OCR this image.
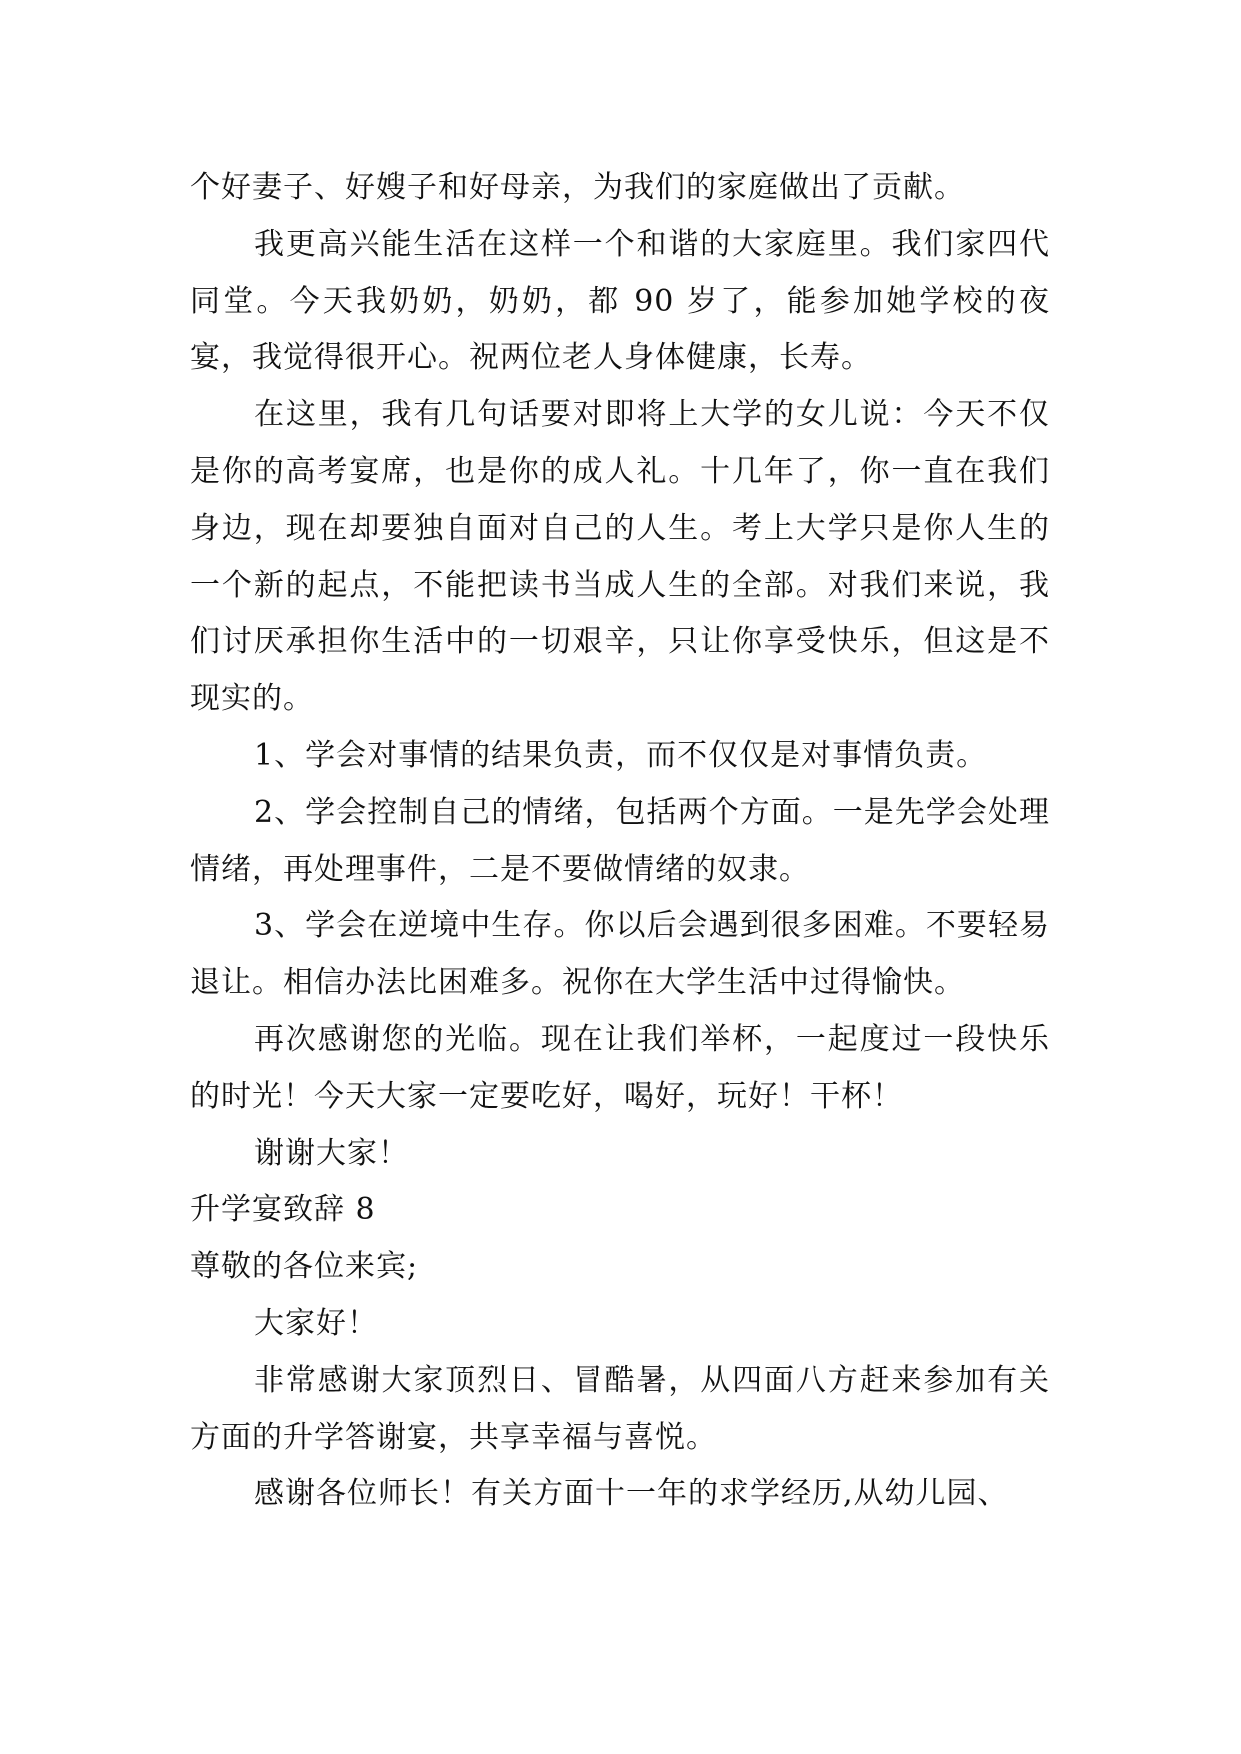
个好妻子、好嫂子和好母亲，为我们的家庭做出了贡献。

我更高兴能生活在这样一个和谐的大家庭里。我们家四代同堂。今天我奶奶，奶奶，都 90 岁了，能参加她学校的夜宴，我觉得很开心。祝两位老人身体健康，长寿。

在这里，我有几句话要对即将上大学的女儿说：今天不仅是你的高考宴席，也是你的成人礼。十几年了，你一直在我们身边，现在却要独自面对自己的人生。考上大学只是你人生的一个新的起点，不能把读书当成人生的全部。对我们来说，我们讨厌承担你生活中的一切艰辛，只让你享受快乐，但这是不现实的。

1、学会对事情的结果负责，而不仅仅是对事情负责。

2、学会控制自己的情绪，包括两个方面。一是先学会处理情绪，再处理事件，二是不要做情绪的奴隶。

3、学会在逆境中生存。你以后会遇到很多困难。不要轻易退让。相信办法比困难多。祝你在大学生活中过得愉快。

再次感谢您的光临。现在让我们举杯，一起度过一段快乐的时光！今天大家一定要吃好，喝好，玩好！干杯！

谢谢大家！

升学宴致辞 8

尊敬的各位来宾;

大家好！

非常感谢大家顶烈日、冒酷暑，从四面八方赶来参加有关方面的升学答谢宴，共享幸福与喜悦。

感谢各位师长！有关方面十一年的求学经历,从幼儿园、
